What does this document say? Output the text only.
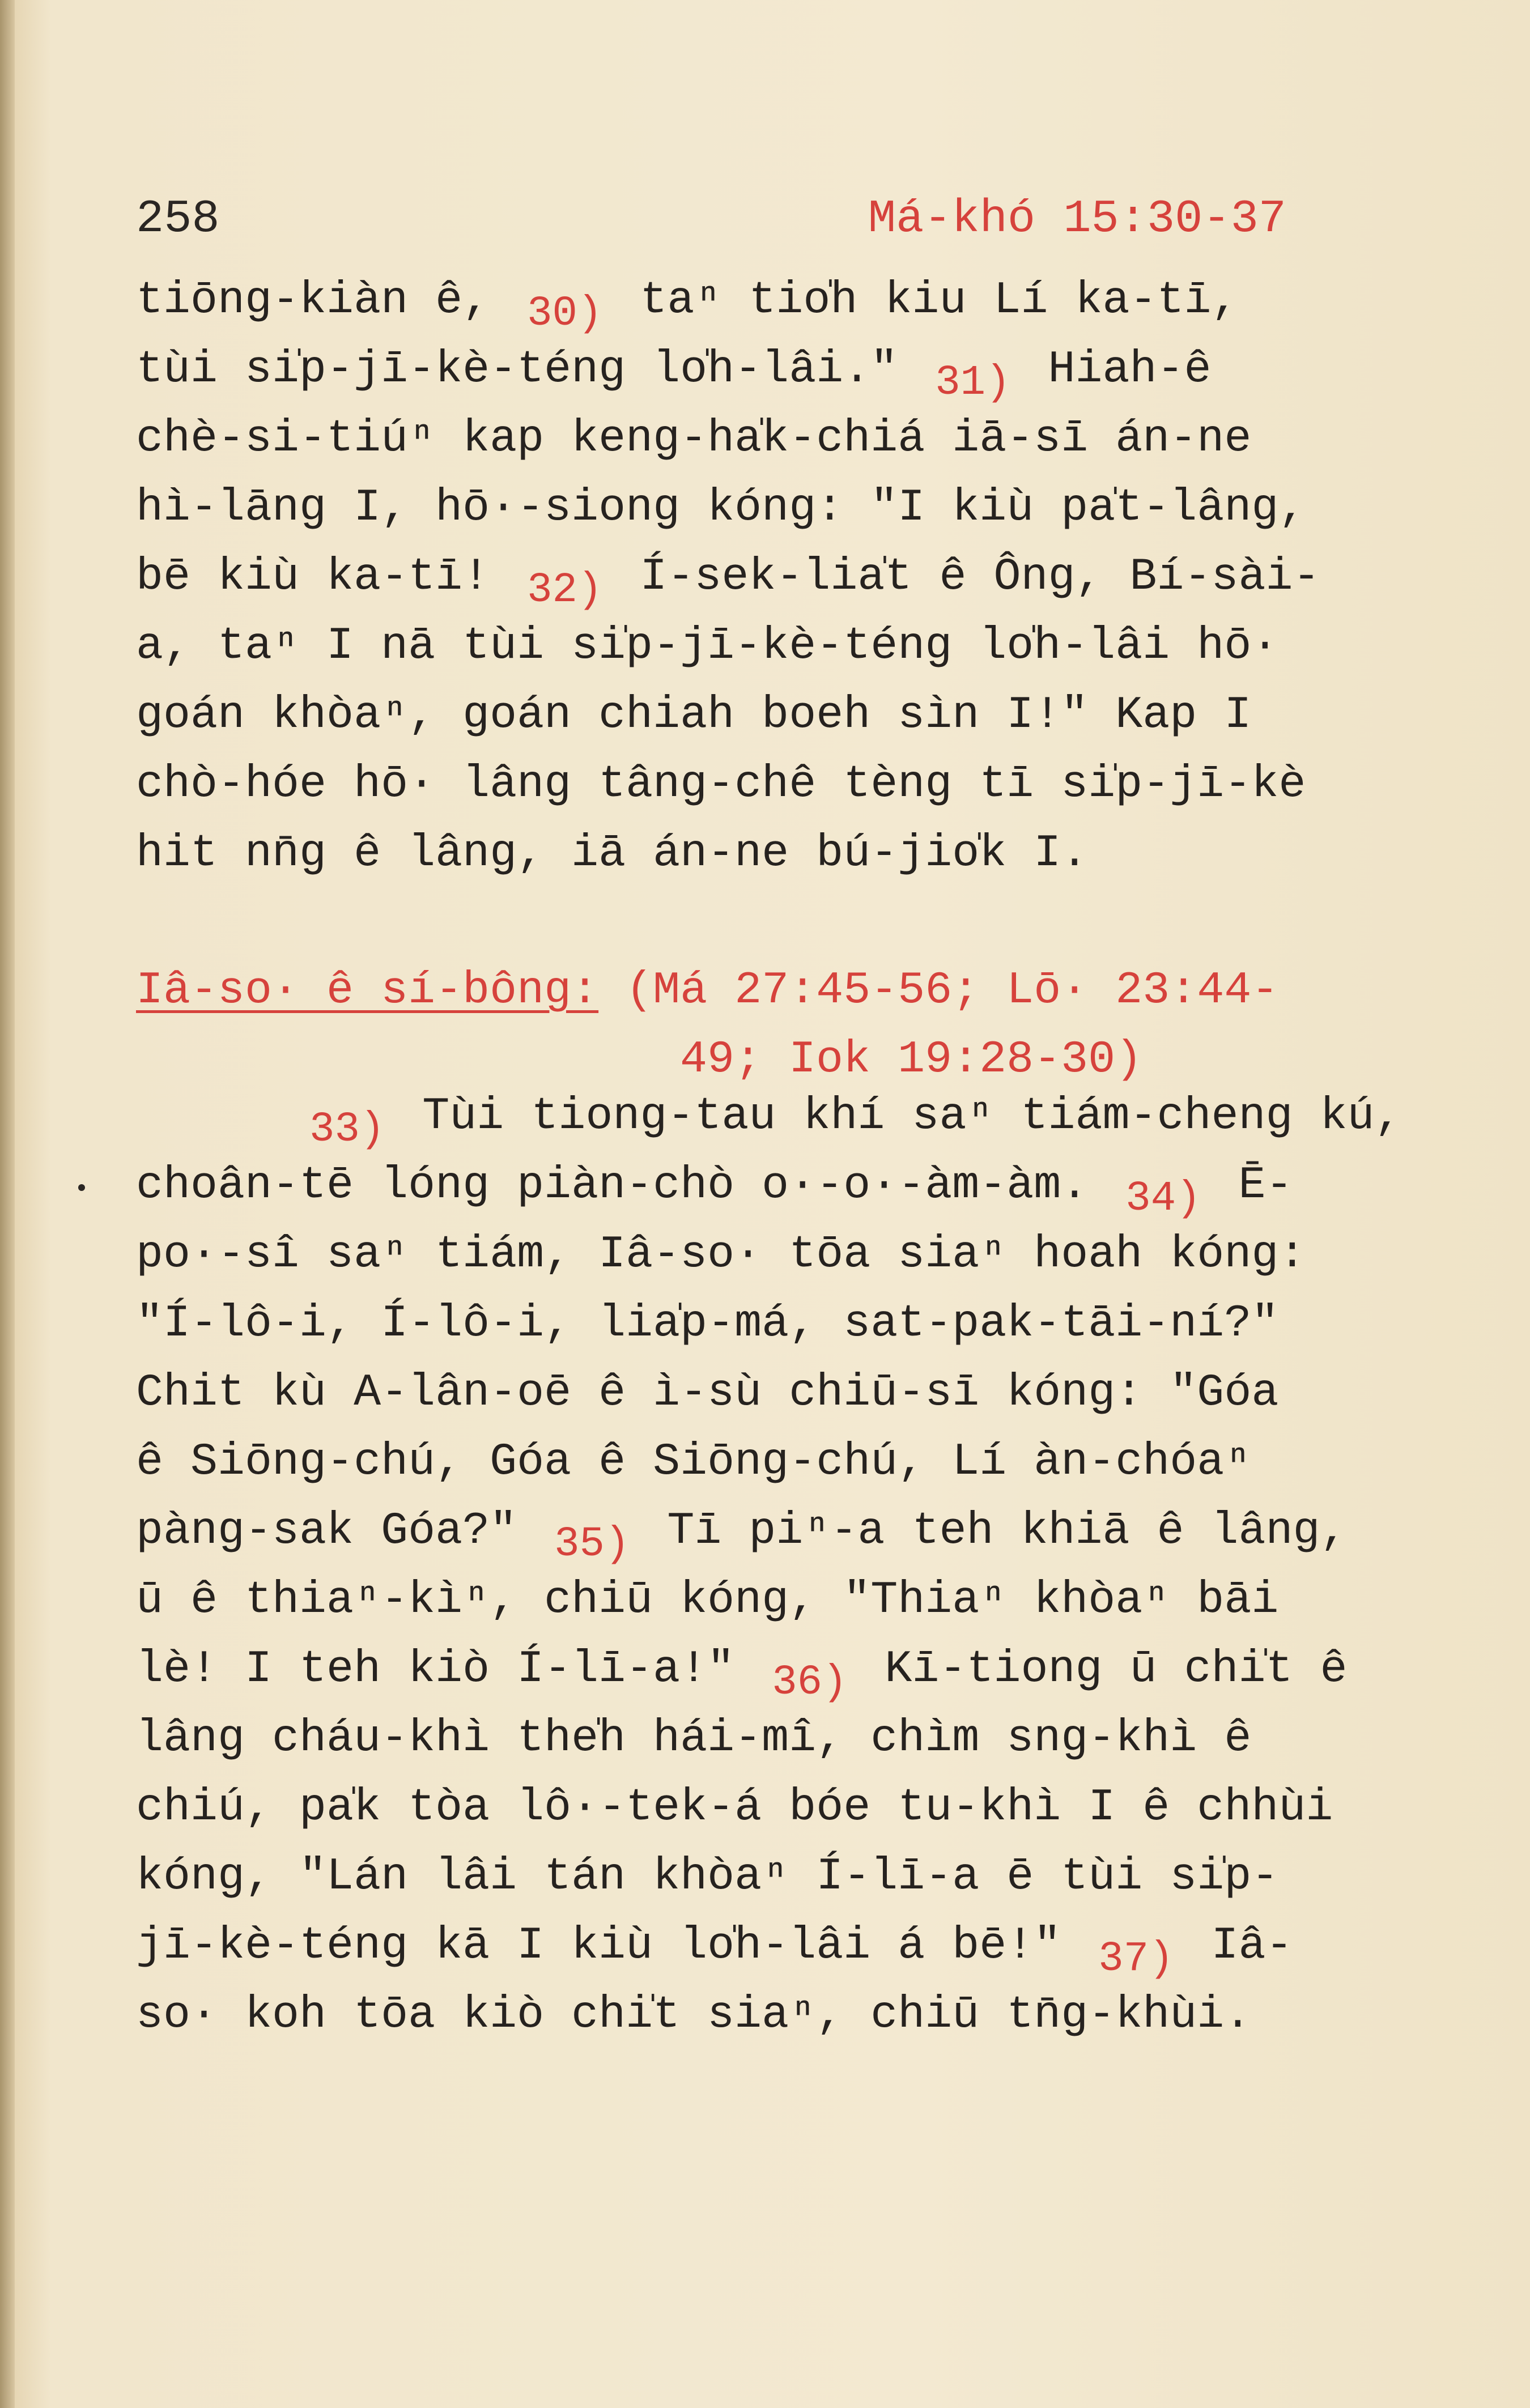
258	Má-khó 15:30-37
tiōng-kiàn ê, 30) taⁿ tio̍h kiu Lí ka-tī,
tùi si̍p-jī-kè-téng lo̍h-lâi." 31) Hiah-ê
chè-si-tiúⁿ kap keng-ha̍k-chiá iā-sī án-ne
hì-lāng I, hō·-siong kóng: "I kiù pa̍t-lâng,
bē kiù ka-tī! 32) Í-sek-lia̍t ê Ông, Bí-sài-
a, taⁿ I nā tùi si̍p-jī-kè-téng lo̍h-lâi hō·
goán khòaⁿ, goán chiah boeh sìn I!" Kap I
chò-hóe hō· lâng tâng-chê tèng tī si̍p-jī-kè
hit nn̄g ê lâng, iā án-ne bú-jio̍k I.
Iâ-so· ê sí-bông: (Má 27:45-56; Lō· 23:44-
49; Iok 19:28-30)
33) Tùi tiong-tau khí saⁿ tiám-cheng kú,
choân-tē lóng piàn-chò o·-o·-àm-àm. 34) Ē-
po·-sî saⁿ tiám, Iâ-so· tōa siaⁿ hoah kóng:
"Í-lô-i, Í-lô-i, lia̍p-má, sat-pak-tāi-ní?"
Chit kù A-lân-oē ê ì-sù chiū-sī kóng: "Góa
ê Siōng-chú, Góa ê Siōng-chú, Lí àn-chóaⁿ
pàng-sak Góa?" 35) Tī piⁿ-a teh khiā ê lâng,
ū ê thiaⁿ-kìⁿ, chiū kóng, "Thiaⁿ khòaⁿ bāi
lè! I teh kiò Í-lī-a!" 36) Kī-tiong ū chi̍t ê
lâng cháu-khì the̍h hái-mî, chìm sng-khì ê
chiú, pa̍k tòa lô·-tek-á bóe tu-khì I ê chhùi
kóng, "Lán lâi tán khòaⁿ Í-lī-a ē tùi si̍p-
jī-kè-téng kā I kiù lo̍h-lâi á bē!" 37) Iâ-
so· koh tōa kiò chi̍t siaⁿ, chiū tn̄g-khùi.
